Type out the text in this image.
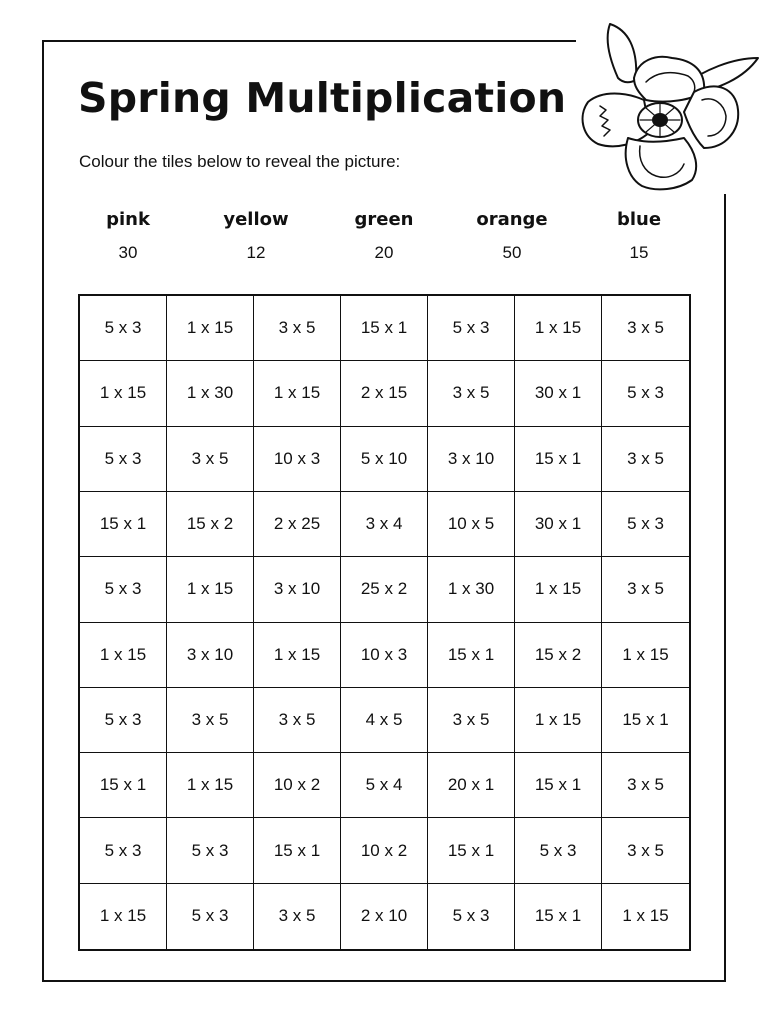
Spring Multiplication

Colour the tiles below to reveal the picture:

pink
30
yellow
12
green
20
orange
50
blue
15
5 x 3	1 x 15	3 x 5	15 x 1	5 x 3	1 x 15	3 x 5
1 x 15	1 x 30	1 x 15	2 x 15	3 x 5	30 x 1	5 x 3
5 x 3	3 x 5	10 x 3	5 x 10	3 x 10	15 x 1	3 x 5
15 x 1	15 x 2	2 x 25	3 x 4	10 x 5	30 x 1	5 x 3
5 x 3	1 x 15	3 x 10	25 x 2	1 x 30	1 x 15	3 x 5
1 x 15	3 x 10	1 x 15	10 x 3	15 x 1	15 x 2	1 x 15
5 x 3	3 x 5	3 x 5	4 x 5	3 x 5	1 x 15	15 x 1
15 x 1	1 x 15	10 x 2	5 x 4	20 x 1	15 x 1	3 x 5
5 x 3	5 x 3	15 x 1	10 x 2	15 x 1	5 x 3	3 x 5
1 x 15	5 x 3	3 x 5	2 x 10	5 x 3	15 x 1	1 x 15
